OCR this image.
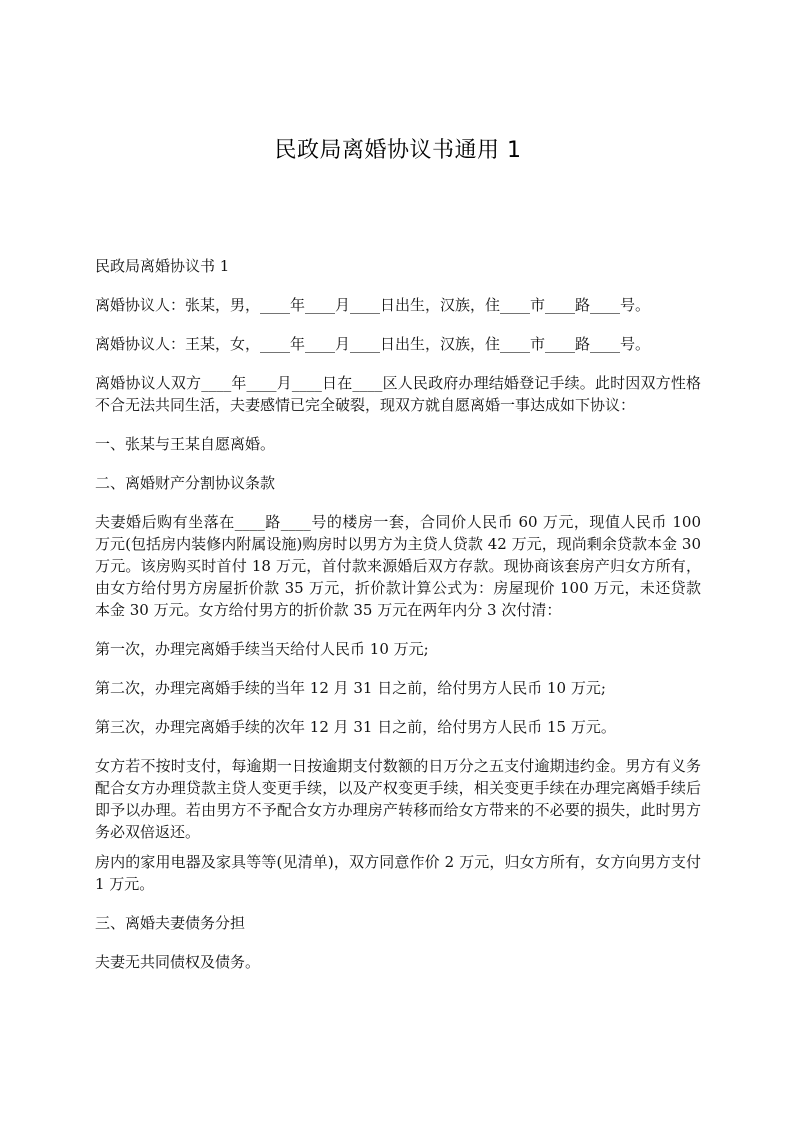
民政局离婚协议书通用 1

民政局离婚协议书 1

离婚协议人：张某，男，____年____月____日出生，汉族，住____市____路____号。

离婚协议人：王某，女，____年____月____日出生，汉族，住____市____路____号。

离婚协议人双方____年____月____日在____区人民政府办理结婚登记手续。此时因双方性格不合无法共同生活，夫妻感情已完全破裂，现双方就自愿离婚一事达成如下协议：

一、张某与王某自愿离婚。

二、离婚财产分割协议条款

夫妻婚后购有坐落在____路____号的楼房一套，合同价人民币 60 万元，现值人民币 100 万元(包括房内装修内附属设施)购房时以男方为主贷人贷款 42 万元，现尚剩余贷款本金 30 万元。该房购买时首付 18 万元，首付款来源婚后双方存款。现协商该套房产归女方所有，由女方给付男方房屋折价款 35 万元，折价款计算公式为：房屋现价 100 万元，未还贷款本金 30 万元。女方给付男方的折价款 35 万元在两年内分 3 次付清：

第一次，办理完离婚手续当天给付人民币 10 万元;

第二次，办理完离婚手续的当年 12 月 31 日之前，给付男方人民币 10 万元;

第三次，办理完离婚手续的次年 12 月 31 日之前，给付男方人民币 15 万元。

女方若不按时支付，每逾期一日按逾期支付数额的日万分之五支付逾期违约金。男方有义务配合女方办理贷款主贷人变更手续，以及产权变更手续，相关变更手续在办理完离婚手续后即予以办理。若由男方不予配合女方办理房产转移而给女方带来的不必要的损失，此时男方务必双倍返还。

房内的家用电器及家具等等(见清单)，双方同意作价 2 万元，归女方所有，女方向男方支付 1 万元。

三、离婚夫妻债务分担

夫妻无共同债权及债务。
